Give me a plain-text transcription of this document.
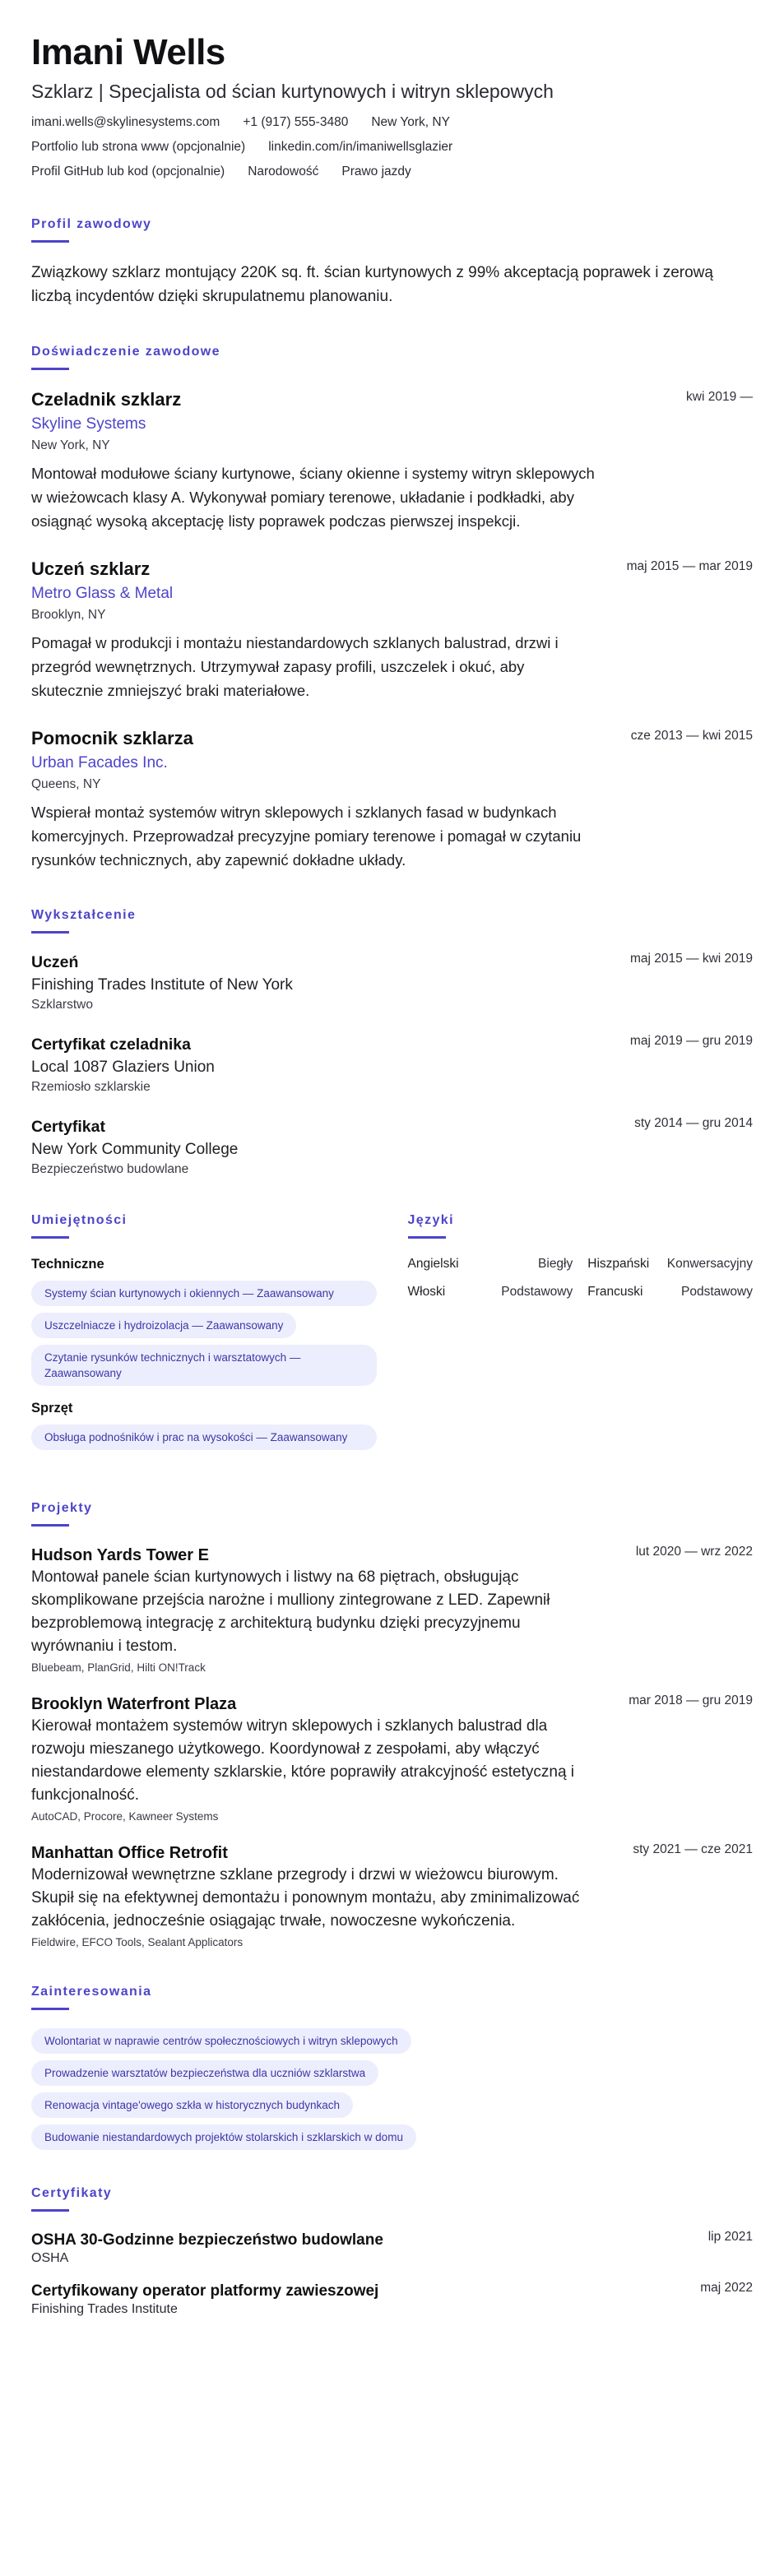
Imani Wells
Szklarz | Specjalista od ścian kurtynowych i witryn sklepowych
imani.wells@skylinesystems.com +1 (917) 555-3480 New York, NY
Portfolio lub strona www (opcjonalnie) linkedin.com/in/imaniwellsglazier
Profil GitHub lub kod (opcjonalnie) Narodowość Prawo jazdy
Profil zawodowy
Związkowy szklarz montujący 220K sq. ft. ścian kurtynowych z 99% akceptacją poprawek i zerową liczbą incydentów dzięki skrupulatnemu planowaniu.
Doświadczenie zawodowe
kwi 2019 —
Czeladnik szklarz
Skyline Systems
New York, NY
Montował modułowe ściany kurtynowe, ściany okienne i systemy witryn sklepowych w wieżowcach klasy A. Wykonywał pomiary terenowe, układanie i podkładki, aby osiągnąć wysoką akceptację listy poprawek podczas pierwszej inspekcji.
maj 2015 — mar 2019
Uczeń szklarz
Metro Glass & Metal
Brooklyn, NY
Pomagał w produkcji i montażu niestandardowych szklanych balustrad, drzwi i przegród wewnętrznych. Utrzymywał zapasy profili, uszczelek i okuć, aby skutecznie zmniejszyć braki materiałowe.
cze 2013 — kwi 2015
Pomocnik szklarza
Urban Facades Inc.
Queens, NY
Wspierał montaż systemów witryn sklepowych i szklanych fasad w budynkach komercyjnych. Przeprowadzał precyzyjne pomiary terenowe i pomagał w czytaniu rysunków technicznych, aby zapewnić dokładne układy.
Wykształcenie
maj 2015 — kwi 2019
Uczeń
Finishing Trades Institute of New York
Szklarstwo
maj 2019 — gru 2019
Certyfikat czeladnika
Local 1087 Glaziers Union
Rzemiosło szklarskie
sty 2014 — gru 2014
Certyfikat
New York Community College
Bezpieczeństwo budowlane
Umiejętności
Techniczne
Systemy ścian kurtynowych i okiennych — Zaawansowany
Uszczelniacze i hydroizolacja — Zaawansowany
Czytanie rysunków technicznych i warsztatowych — Zaawansowany
Sprzęt
Obsługa podnośników i prac na wysokości — Zaawansowany
Języki
Angielski	Biegły Hiszpański Konwersacyjny
Włoski	Podstawowy Francuski	Podstawowy
Projekty
lut 2020 — wrz 2022
Hudson Yards Tower E
Montował panele ścian kurtynowych i listwy na 68 piętrach, obsługując skomplikowane przejścia narożne i mulliony zintegrowane z LED. Zapewnił bezproblemową integrację z architekturą budynku dzięki precyzyjnemu wyrównaniu i testom.
Bluebeam, PlanGrid, Hilti ON!Track
mar 2018 — gru 2019
Brooklyn Waterfront Plaza
Kierował montażem systemów witryn sklepowych i szklanych balustrad dla rozwoju mieszanego użytkowego. Koordynował z zespołami, aby włączyć niestandardowe elementy szklarskie, które poprawiły atrakcyjność estetyczną i funkcjonalność.
AutoCAD, Procore, Kawneer Systems
sty 2021 — cze 2021
Manhattan Office Retrofit
Modernizował wewnętrzne szklane przegrody i drzwi w wieżowcu biurowym. Skupił się na efektywnej demontażu i ponownym montażu, aby zminimalizować zakłócenia, jednocześnie osiągając trwałe, nowoczesne wykończenia.
Fieldwire, EFCO Tools, Sealant Applicators
Zainteresowania
Wolontariat w naprawie centrów społecznościowych i witryn sklepowych
Prowadzenie warsztatów bezpieczeństwa dla uczniów szklarstwa
Renowacja vintage'owego szkła w historycznych budynkach
Budowanie niestandardowych projektów stolarskich i szklarskich w domu
Certyfikaty
lip 2021
OSHA 30-Godzinne bezpieczeństwo budowlane
OSHA
maj 2022
Certyfikowany operator platformy zawieszowej
Finishing Trades Institute
